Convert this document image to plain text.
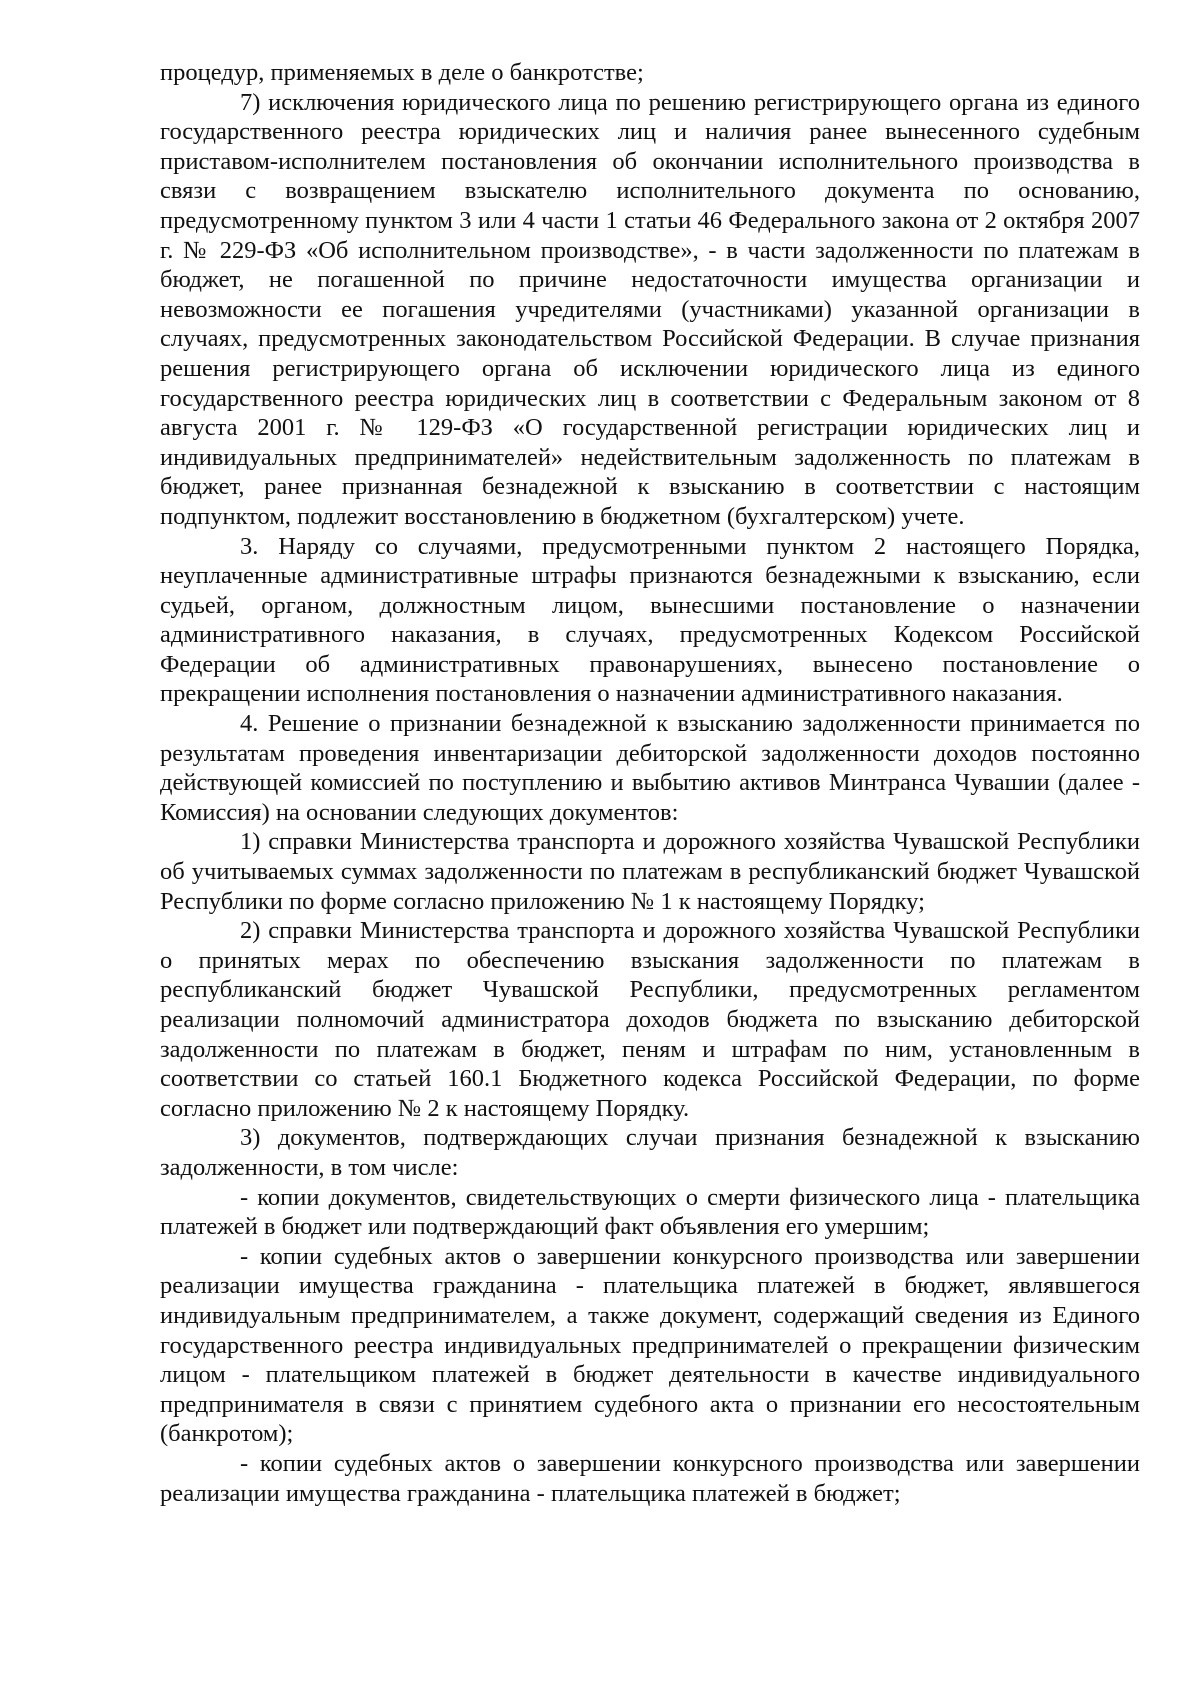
процедур, применяемых в деле о банкротстве;

7) исключения юридического лица по решению регистрирующего органа из единого государственного реестра юридических лиц и наличия ранее вынесенного судебным приставом-исполнителем постановления об окончании исполнительного производства в связи с возвращением взыскателю исполнительного документа по основанию, предусмотренному пунктом 3 или 4 части 1 статьи 46 Федерального закона от 2 октября 2007 г. № 229-ФЗ «Об исполнительном производстве», - в части задолженности по платежам в бюджет, не погашенной по причине недостаточности имущества организации и невозможности ее погашения учредителями (участниками) указанной организации в случаях, предусмотренных законодательством Российской Федерации. В случае признания решения регистрирующего органа об исключении юридического лица из единого государственного реестра юридических лиц в соответствии с Федеральным законом от 8 августа 2001 г. № 129-ФЗ «О государственной регистрации юридических лиц и индивидуальных предпринимателей» недействительным задолженность по платежам в бюджет, ранее признанная безнадежной к взысканию в соответствии с настоящим подпунктом, подлежит восстановлению в бюджетном (бухгалтерском) учете.

3. Наряду со случаями, предусмотренными пунктом 2 настоящего Порядка, неуплаченные административные штрафы признаются безнадежными к взысканию, если судьей, органом, должностным лицом, вынесшими постановление о назначении административного наказания, в случаях, предусмотренных Кодексом Российской Федерации об административных правонарушениях, вынесено постановление о прекращении исполнения постановления о назначении административного наказания.

4. Решение о признании безнадежной к взысканию задолженности принимается по результатам проведения инвентаризации дебиторской задолженности доходов постоянно действующей комиссией по поступлению и выбытию активов Минтранса Чувашии (далее - Комиссия) на основании следующих документов:

1) справки Министерства транспорта и дорожного хозяйства Чувашской Республики об учитываемых суммах задолженности по платежам в республиканский бюджет Чувашской Республики по форме согласно приложению № 1 к настоящему Порядку;

2) справки Министерства транспорта и дорожного хозяйства Чувашской Республики о принятых мерах по обеспечению взыскания задолженности по платежам в республиканский бюджет Чувашской Республики, предусмотренных регламентом реализации полномочий администратора доходов бюджета по взысканию дебиторской задолженности по платежам в бюджет, пеням и штрафам по ним, установленным в соответствии со статьей 160.1 Бюджетного кодекса Российской Федерации, по форме согласно приложению № 2 к настоящему Порядку.

3) документов, подтверждающих случаи признания безнадежной к взысканию задолженности, в том числе:

- копии документов, свидетельствующих о смерти физического лица - плательщика платежей в бюджет или подтверждающий факт объявления его умершим;

- копии судебных актов о завершении конкурсного производства или завершении реализации имущества гражданина - плательщика платежей в бюджет, являвшегося индивидуальным предпринимателем, а также документ, содержащий сведения из Единого государственного реестра индивидуальных предпринимателей о прекращении физическим лицом - плательщиком платежей в бюджет деятельности в качестве индивидуального предпринимателя в связи с принятием судебного акта о признании его несостоятельным (банкротом);

- копии судебных актов о завершении конкурсного производства или завершении реализации имущества гражданина - плательщика платежей в бюджет;
